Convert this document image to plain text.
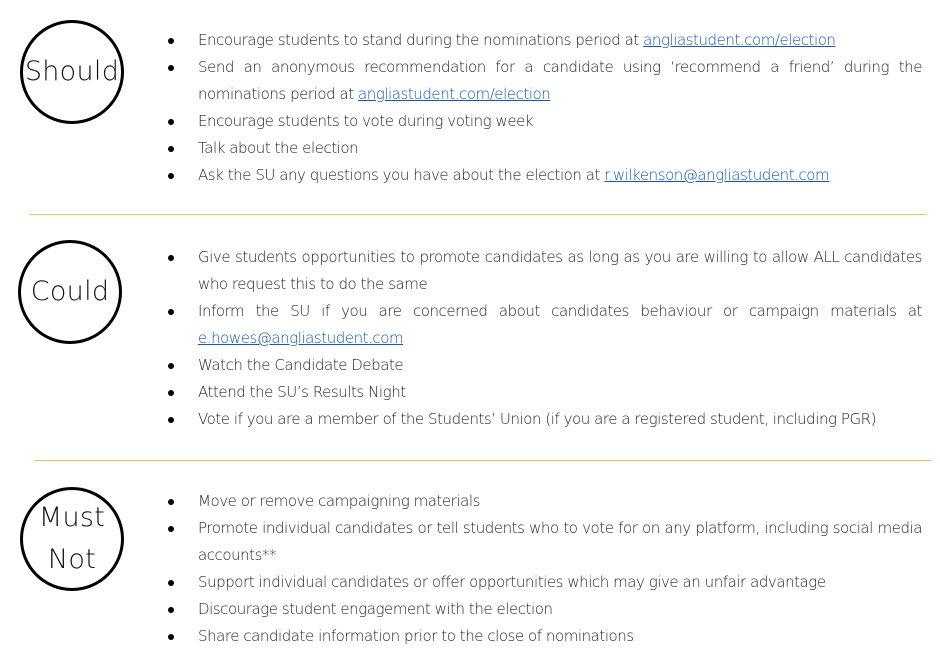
Should
Encourage students to stand during the nominations period at angliastudent.com/election
Send an anonymous recommendation for a candidate using ‘recommend a friend’ during the nominations period at angliastudent.com/election
Encourage students to vote during voting week
Talk about the election
Ask the SU any questions you have about the election at r.wilkenson@angliastudent.com
Could
Give students opportunities to promote candidates as long as you are willing to allow ALL candidates who request this to do the same
Inform the SU if you are concerned about candidates behaviour or campaign materials at e.howes@angliastudent.com
Watch the Candidate Debate
Attend the SU’s Results Night
Vote if you are a member of the Students’ Union (if you are a registered student, including PGR)
Must
Not
Move or remove campaigning materials
Promote individual candidates or tell students who to vote for on any platform, including social media accounts**
Support individual candidates or offer opportunities which may give an unfair advantage
Discourage student engagement with the election
Share candidate information prior to the close of nominations
